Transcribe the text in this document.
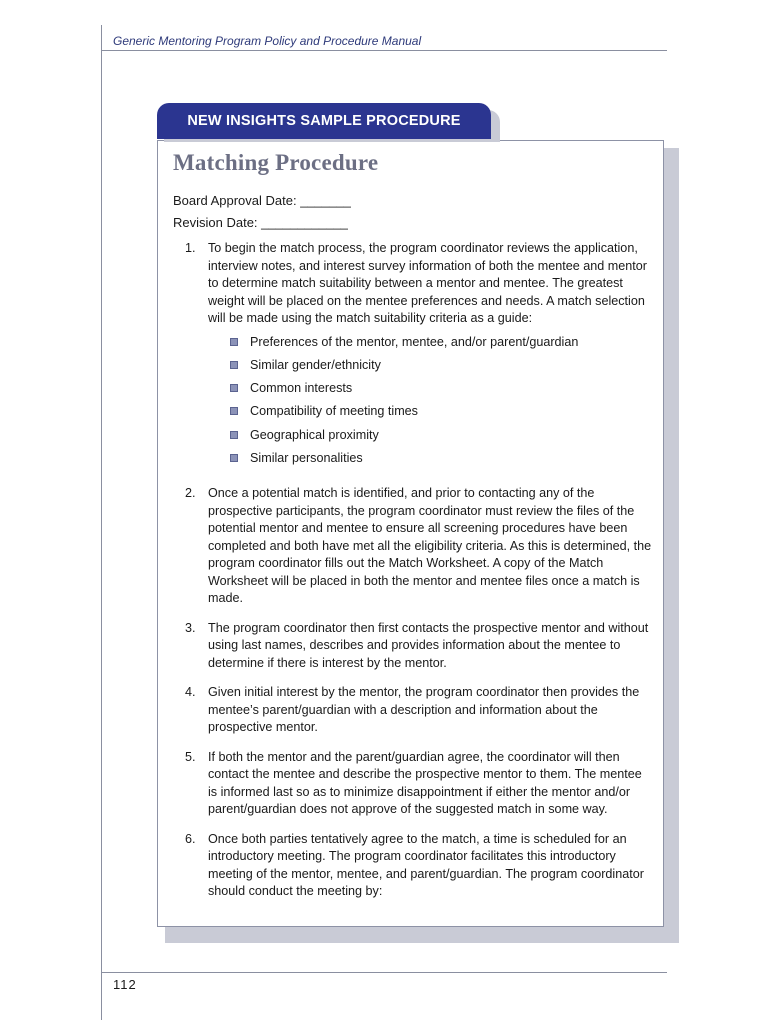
Generic Mentoring Program Policy and Procedure Manual
NEW INSIGHTS SAMPLE PROCEDURE
Matching Procedure
Board Approval Date: _______
Revision Date: ____________
1. To begin the match process, the program coordinator reviews the application, interview notes, and interest survey information of both the mentee and mentor to determine match suitability between a mentor and mentee. The greatest weight will be placed on the mentee preferences and needs. A match selection will be made using the match suitability criteria as a guide:
Preferences of the mentor, mentee, and/or parent/guardian
Similar gender/ethnicity
Common interests
Compatibility of meeting times
Geographical proximity
Similar personalities
2. Once a potential match is identified, and prior to contacting any of the prospective participants, the program coordinator must review the files of the potential mentor and mentee to ensure all screening procedures have been completed and both have met all the eligibility criteria. As this is determined, the program coordinator fills out the Match Worksheet. A copy of the Match Worksheet will be placed in both the mentor and mentee files once a match is made.
3. The program coordinator then first contacts the prospective mentor and without using last names, describes and provides information about the mentee to determine if there is interest by the mentor.
4. Given initial interest by the mentor, the program coordinator then provides the mentee’s parent/guardian with a description and information about the prospective mentor.
5. If both the mentor and the parent/guardian agree, the coordinator will then contact the mentee and describe the prospective mentor to them. The mentee is informed last so as to minimize disappointment if either the mentor and/or parent/guardian does not approve of the suggested match in some way.
6. Once both parties tentatively agree to the match, a time is scheduled for an introductory meeting. The program coordinator facilitates this introductory meeting of the mentor, mentee, and parent/guardian. The program coordinator should conduct the meeting by:
112
